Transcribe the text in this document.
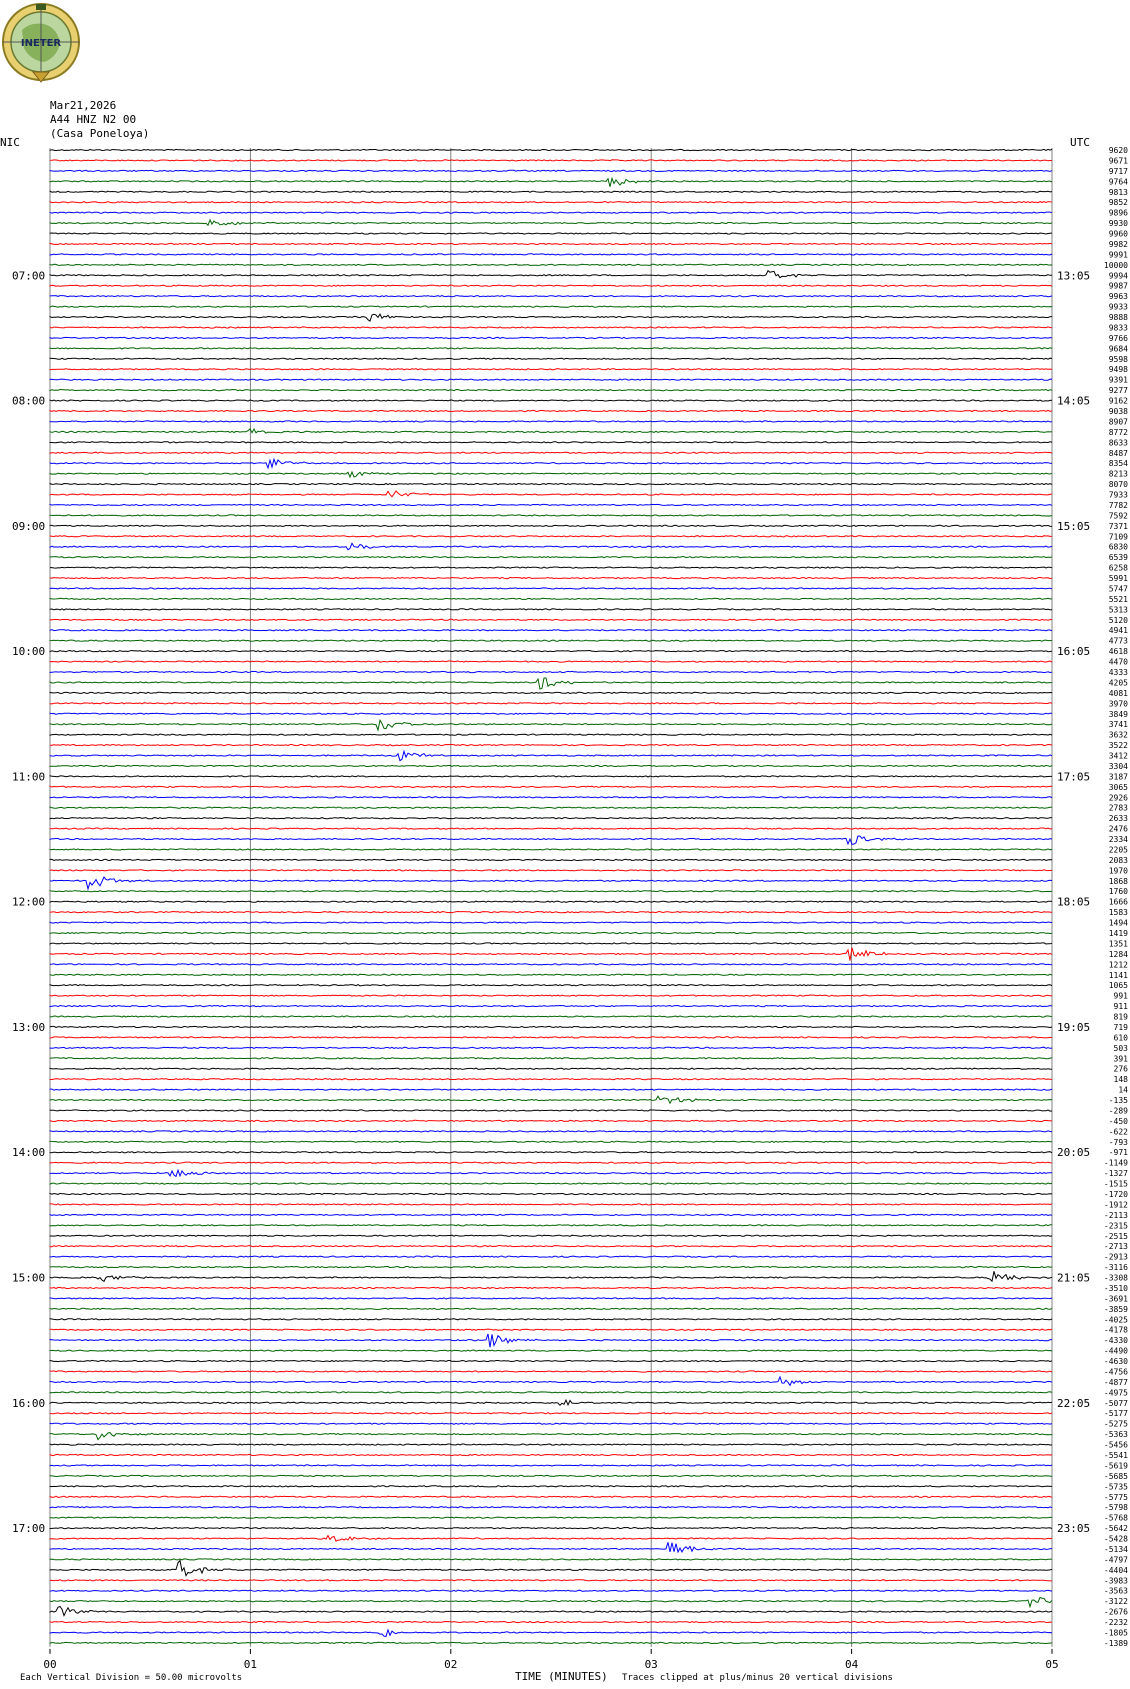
INETER
Mar21,2026
A44 HNZ N2 00
(Casa Poneloya)
NIC	UTC
07:00
08:00
09:00
10:00
11:00
12:00
13:00
14:00
15:00
16:00
17:00
13:05
14:05
15:05
16:05
17:05
18:05
19:05
20:05
21:05
22:05
23:05
9620
9671
9717
9764
9813
9852
9896
9930
9960
9982
9991
10000
9994
9987
9963
9933
9888
9833
9766
9684
9598
9498
9391
9277
9162
9038
8907
8772
8633
8487
8354
8213
8070
7933
7782
7592
7371
7109
6830
6539
6258
5991
5747
5521
5313
5120
4941
4773
4618
4470
4333
4205
4081
3970
3849
3741
3632
3522
3412
3304
3187
3065
2926
2783
2633
2476
2334
2205
2083
1970
1868
1760
1666
1583
1494
1419
1351
1284
1212
1141
1065
991
911
819
719
610
503
391
276
148
14
-135
-289
-450
-622
-793
-971
-1149
-1327
-1515
-1720
-1912
-2113
-2315
-2515
-2713
-2913
-3116
-3308
-3510
-3691
-3859
-4025
-4178
-4330
-4490
-4630
-4756
-4877
-4975
-5077
-5177
-5275
-5363
-5456
-5541
-5619
-5685
-5735
-5775
-5798
-5768
-5642
-5428
-5134
-4797
-4404
-3983
-3563
-3122
-2676
-2232
-1805
-1389
00	01	02	03	04	05
Each Vertical Division = 50.00 microvolts	TIME (MINUTES) Traces clipped at plus/minus 20 vertical divisions
